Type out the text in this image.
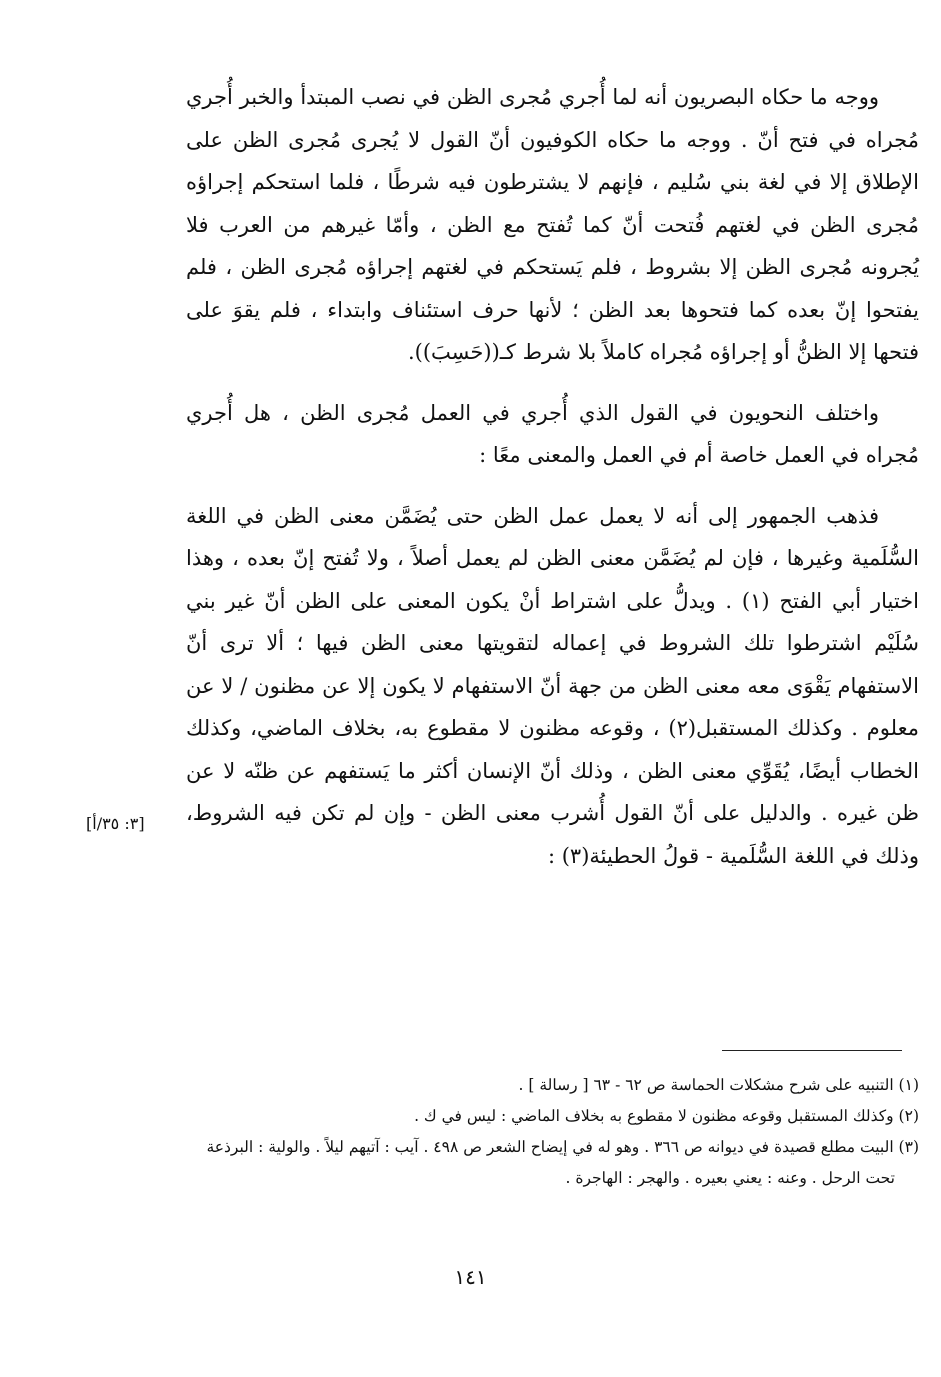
ووجه ما حكاه البصريون أنه لما أُجري مُجرى الظن في نصب المبتدأ والخبر أُجري مُجراه في فتح أنّ . ووجه ما حكاه الكوفيون أنّ القول لا يُجرى مُجرى الظن على الإطلاق إلا في لغة بني سُليم ، فإنهم لا يشترطون فيه شرطًا ، فلما استحكم إجراؤه مُجرى الظن في لغتهم فُتحت أنّ كما تُفتح مع الظن ، وأمّا غيرهم من العرب فلا يُجرونه مُجرى الظن إلا بشروط ، فلم يَستحكم في لغتهم إجراؤه مُجرى الظن ، فلم يفتحوا إنّ بعده كما فتحوها بعد الظن ؛ لأنها حرف استئناف وابتداء ، فلم يقوَ على فتحها إلا الظنُّ أو إجراؤه مُجراه كاملاً بلا شرط كـ((حَسِبَ)).

واختلف النحويون في القول الذي أُجري في العمل مُجرى الظن ، هل أُجري مُجراه في العمل خاصة أم في العمل والمعنى معًا :

فذهب الجمهور إلى أنه لا يعمل عمل الظن حتى يُضَمَّن معنى الظن في اللغة السُّلَمية وغيرها ، فإن لم يُضَمَّن معنى الظن لم يعمل أصلاً ، ولا تُفتح إنّ بعده ، وهذا اختيار أبي الفتح (١) . ويدلُّ على اشتراط أنْ يكون المعنى على الظن أنّ غير بني سُلَيْم اشترطوا تلك الشروط في إعماله لتقويتها معنى الظن فيها ؛ ألا ترى أنّ الاستفهام يَقْوَى معه معنى الظن من جهة أنّ الاستفهام لا يكون إلا عن مظنون / لا عن معلوم . وكذلك المستقبل(٢) ، وقوعه مظنون لا مقطوع به، بخلاف الماضي، وكذلك الخطاب أيضًا، يُقَوِّي معنى الظن ، وذلك أنّ الإنسان أكثر ما يَستفهم عن ظنّه لا عن ظن غيره . والدليل على أنّ القول أُشرب معنى الظن - وإن لم تكن فيه الشروط، وذلك في اللغة السُّلَمية - قولُ الحطيئة(٣) :

[٣: ٣٥/أ]

(١) التنبيه على شرح مشكلات الحماسة ص ٦٢ - ٦٣ [ رسالة ] .

(٢) وكذلك المستقبل وقوعه مظنون لا مقطوع به بخلاف الماضي : ليس في ك .

(٣) البيت مطلع قصيدة في ديوانه ص ٣٦٦ . وهو له في إيضاح الشعر ص ٤٩٨ . آيب : آتيهم ليلاً . والولية : البرذعة تحت الرحل . وعنه : يعني بعيره . والهجر : الهاجرة .

١٤١
